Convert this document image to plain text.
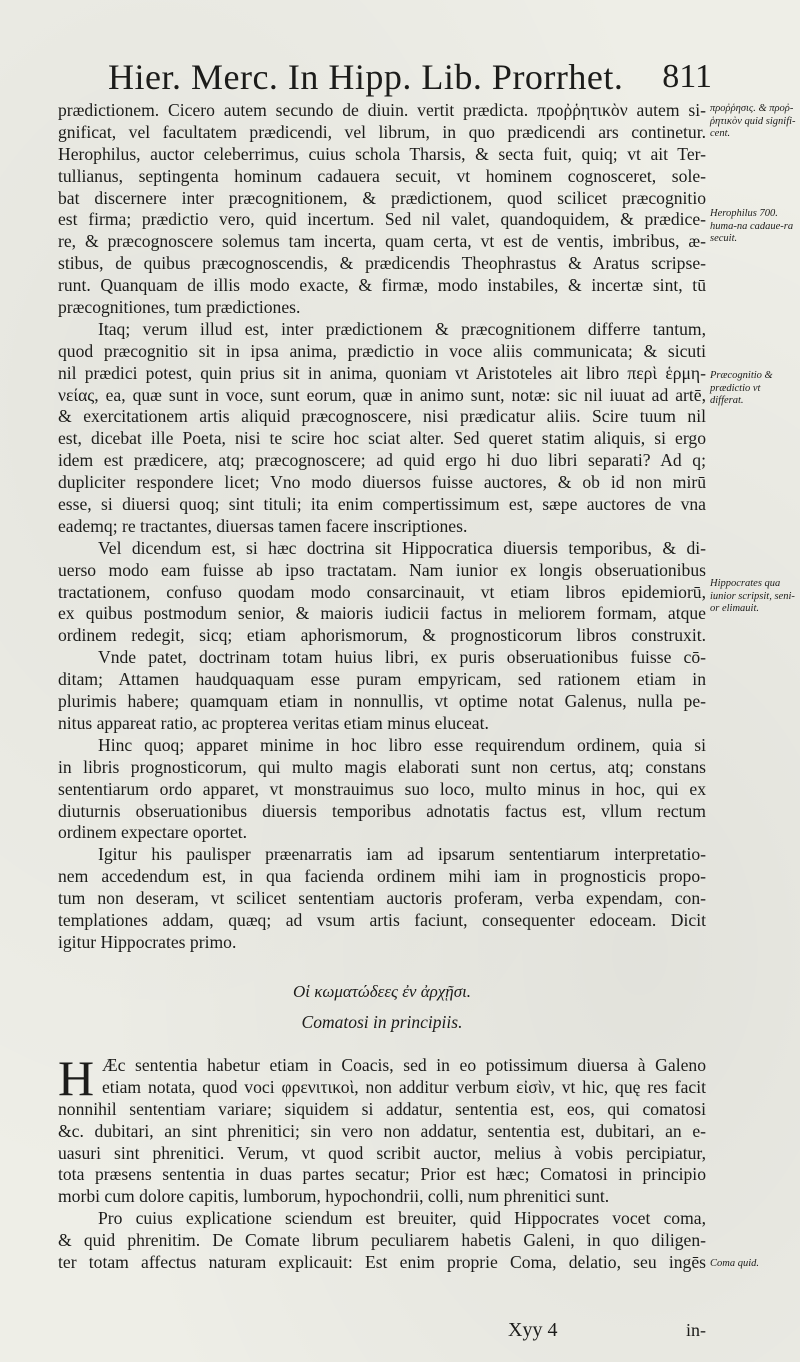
Hier. Merc. In Hipp. Lib. Prorrhet. 811
prædictionem. Cicero autem secundo de diuin. vertit prædicta. προῤῥητικὸν autem si-
gnificat, vel facultatem prædicendi, vel librum, in quo prædicendi ars continetur.
Herophilus, auctor celeberrimus, cuius schola Tharsis, & secta fuit, quiq; vt ait Ter-
tullianus, septingenta hominum cadauera secuit, vt hominem cognosceret, sole-
bat discernere inter præcognitionem, & prædictionem, quod scilicet præcognitio
est firma; prædictio vero, quid incertum. Sed nil valet, quandoquidem, & prædice-
re, & præcognoscere solemus tam incerta, quam certa, vt est de ventis, imbribus, æ-
stibus, de quibus præcognoscendis, & prædicendis Theophrastus & Aratus scripse-
runt. Quanquam de illis modo exacte, & firmæ, modo instabiles, & incertæ sint, tū
præcognitiones, tum prædictiones.
Itaq; verum illud est, inter prædictionem & præcognitionem differre tantum,
quod præcognitio sit in ipsa anima, prædictio in voce aliis communicata; & sicuti
nil prædici potest, quin prius sit in anima, quoniam vt Aristoteles ait libro περὶ ἑρμη-
νείας, ea, quæ sunt in voce, sunt eorum, quæ in animo sunt, notæ: sic nil iuuat ad artē,
& exercitationem artis aliquid præcognoscere, nisi prædicatur aliis. Scire tuum nil
est, dicebat ille Poeta, nisi te scire hoc sciat alter. Sed queret statim aliquis, si ergo
idem est prædicere, atq; præcognoscere; ad quid ergo hi duo libri separati? Ad q;
dupliciter respondere licet; Vno modo diuersos fuisse auctores, & ob id non mirū
esse, si diuersi quoq; sint tituli; ita enim compertissimum est, sæpe auctores de vna
eademq; re tractantes, diuersas tamen facere inscriptiones.
Vel dicendum est, si hæc doctrina sit Hippocratica diuersis temporibus, & di-
uerso modo eam fuisse ab ipso tractatam. Nam iunior ex longis obseruationibus
tractationem, confuso quodam modo consarcinauit, vt etiam libros epidemiorū,
ex quibus postmodum senior, & maioris iudicii factus in meliorem formam, atque
ordinem redegit, sicq; etiam aphorismorum, & prognosticorum libros construxit.
Vnde patet, doctrinam totam huius libri, ex puris obseruationibus fuisse cō-
ditam; Attamen haudquaquam esse puram empyricam, sed rationem etiam in
plurimis habere; quamquam etiam in nonnullis, vt optime notat Galenus, nulla pe-
nitus appareat ratio, ac propterea veritas etiam minus eluceat.
Hinc quoq; apparet minime in hoc libro esse requirendum ordinem, quia si
in libris prognosticorum, qui multo magis elaborati sunt non certus, atq; constans
sententiarum ordo apparet, vt monstrauimus suo loco, multo minus in hoc, qui ex
diuturnis obseruationibus diuersis temporibus adnotatis factus est, vllum rectum
ordinem expectare oportet.
Igitur his paulisper præenarratis iam ad ipsarum sententiarum interpretatio-
nem accedendum est, in qua facienda ordinem mihi iam in prognosticis propo-
tum non deseram, vt scilicet sententiam auctoris proferam, verba expendam, con-
templationes addam, quæq; ad vsum artis faciunt, consequenter edoceam. Dicit
igitur Hippocrates primo.
Οἱ κωματώδεες ἐν ἀρχῇσι.
Comatosi in principiis.
H Æc sententia habetur etiam in Coacis, sed in eo potissimum diuersa à Galeno
etiam notata, quod voci φρενιτικοὶ, non additur verbum εἰσὶν, vt hic, quę res facit
nonnihil sententiam variare; siquidem si addatur, sententia est, eos, qui comatosi
&c. dubitari, an sint phrenitici; sin vero non addatur, sententia est, dubitari, an e-
uasuri sint phrenitici. Verum, vt quod scribit auctor, melius à vobis percipiatur,
tota præsens sententia in duas partes secatur; Prior est hæc; Comatosi in principio
morbi cum dolore capitis, lumborum, hypochondrii, colli, num phrenitici sunt.
Pro cuius explicatione sciendum est breuiter, quid Hippocrates vocet coma,
& quid phrenitim. De Comate librum peculiarem habetis Galeni, in quo diligen-
ter totam affectus naturam explicauit: Est enim proprie Coma, delatio, seu ingēs
προῤῥησις. & προῤ-ῥητικὸν quid signifi-cent.
Herophilus 700. huma-na cadaue-ra secuit.
Præcognitio & prædictio vt differat.
Hippocrates qua iunior scripsit, seni-or elimauit.
Coma quid.
Xyy 4	in-
